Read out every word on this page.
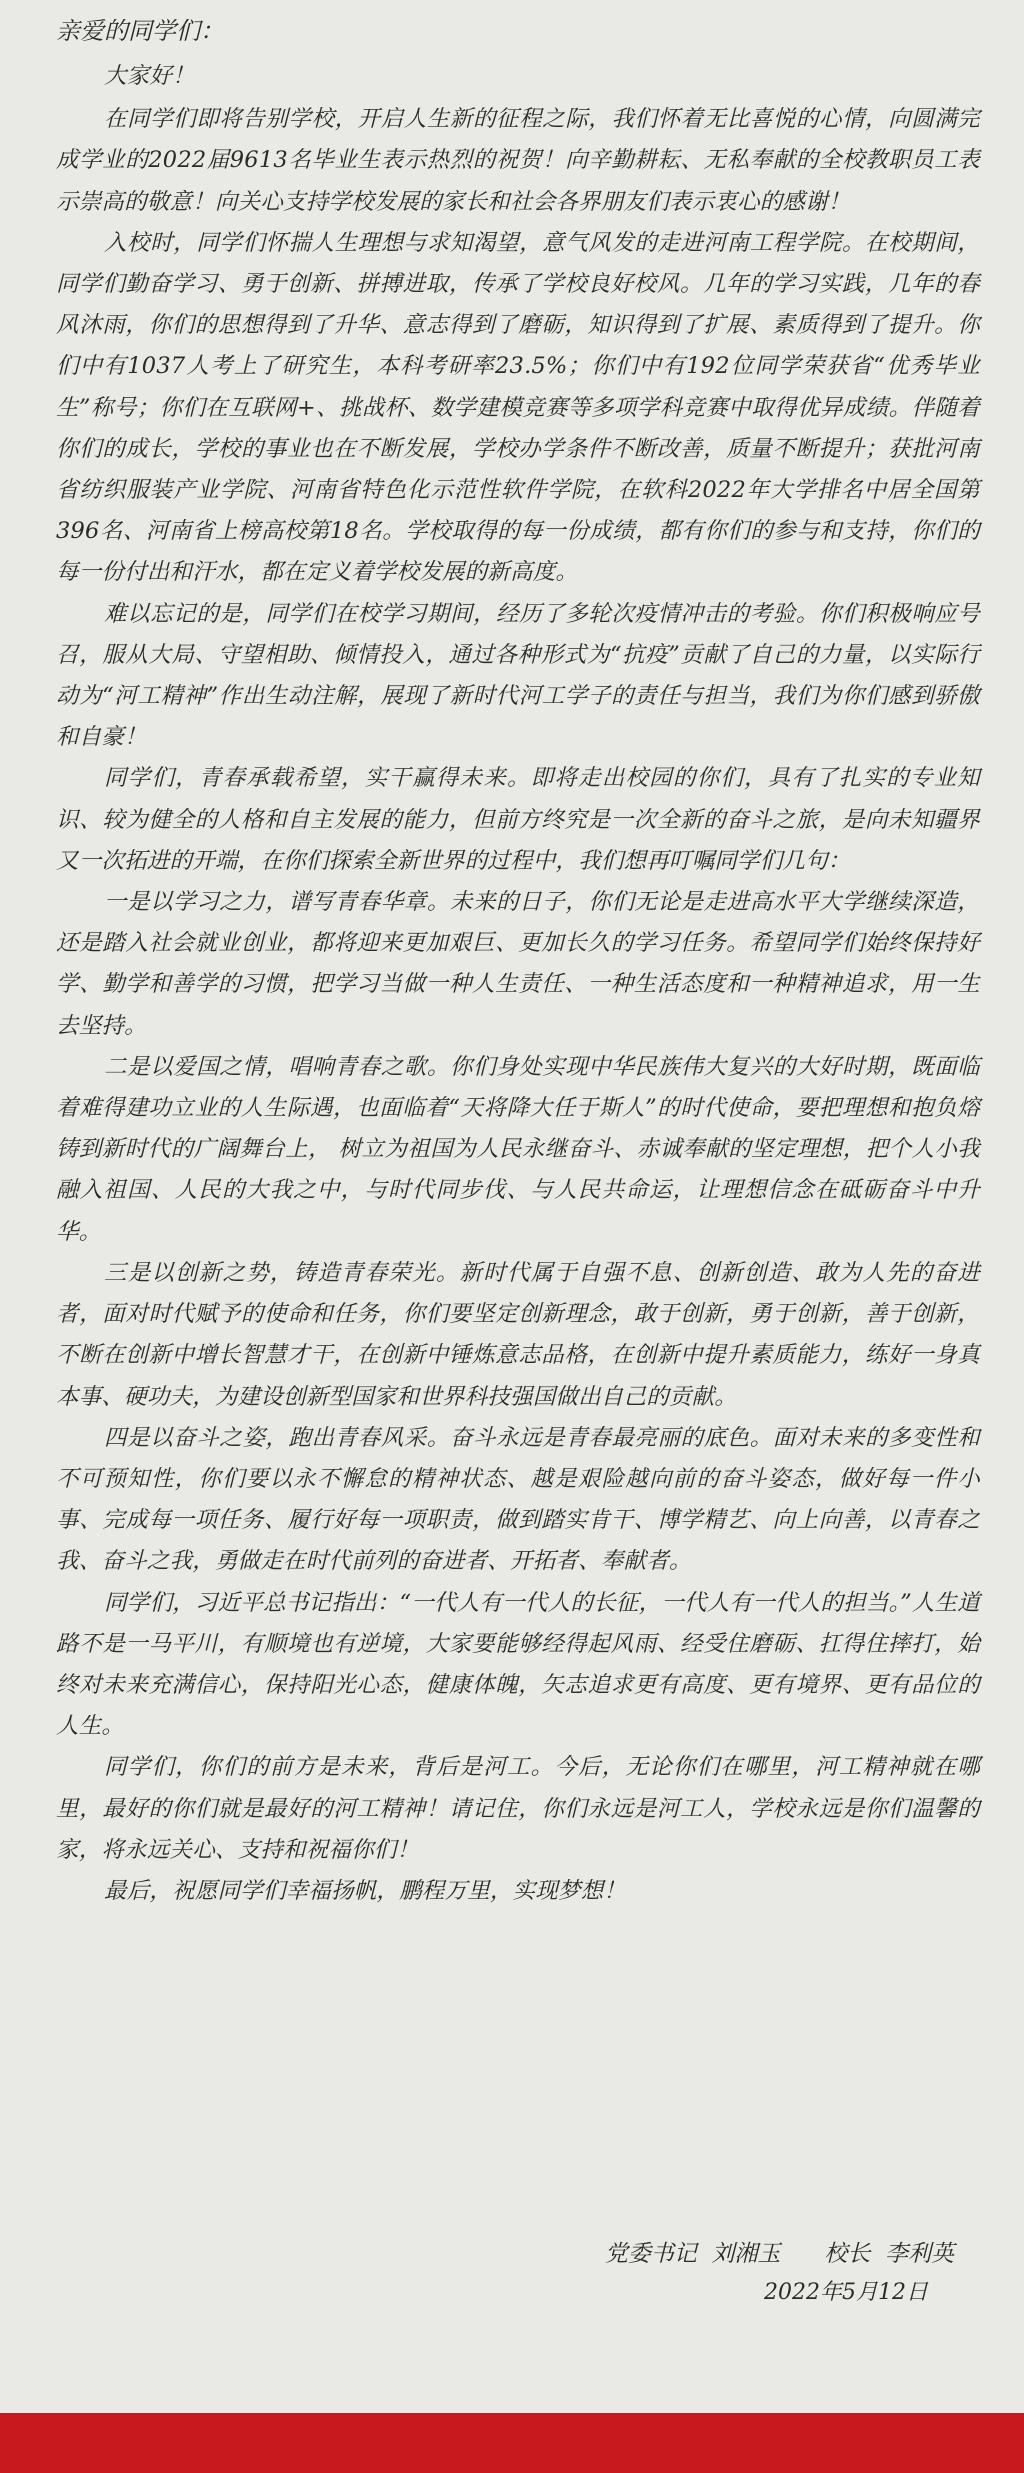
亲爱的同学们：

大家好！

在同学们即将告别学校，开启人生新的征程之际，我们怀着无比喜悦的心情，向圆满完成学业的2022届9613名毕业生表示热烈的祝贺！向辛勤耕耘、无私奉献的全校教职员工表示崇高的敬意！向关心支持学校发展的家长和社会各界朋友们表示衷心的感谢！

入校时，同学们怀揣人生理想与求知渴望，意气风发的走进河南工程学院。在校期间，同学们勤奋学习、勇于创新、拼搏进取，传承了学校良好校风。几年的学习实践，几年的春风沐雨，你们的思想得到了升华、意志得到了磨砺，知识得到了扩展、素质得到了提升。你们中有1037人考上了研究生，本科考研率23.5%；你们中有192位同学荣获省“优秀毕业生”称号；你们在互联网+、挑战杯、数学建模竞赛等多项学科竞赛中取得优异成绩。伴随着你们的成长，学校的事业也在不断发展，学校办学条件不断改善，质量不断提升；获批河南省纺织服装产业学院、河南省特色化示范性软件学院，在软科2022年大学排名中居全国第396名、河南省上榜高校第18名。学校取得的每一份成绩，都有你们的参与和支持，你们的每一份付出和汗水，都在定义着学校发展的新高度。

难以忘记的是，同学们在校学习期间，经历了多轮次疫情冲击的考验。你们积极响应号召，服从大局、守望相助、倾情投入，通过各种形式为“抗疫”贡献了自己的力量，以实际行动为“河工精神”作出生动注解，展现了新时代河工学子的责任与担当，我们为你们感到骄傲和自豪！

同学们，青春承载希望，实干赢得未来。即将走出校园的你们，具有了扎实的专业知识、较为健全的人格和自主发展的能力，但前方终究是一次全新的奋斗之旅，是向未知疆界又一次拓进的开端，在你们探索全新世界的过程中，我们想再叮嘱同学们几句：

一是以学习之力，谱写青春华章。未来的日子，你们无论是走进高水平大学继续深造，还是踏入社会就业创业，都将迎来更加艰巨、更加长久的学习任务。希望同学们始终保持好学、勤学和善学的习惯，把学习当做一种人生责任、一种生活态度和一种精神追求，用一生去坚持。

二是以爱国之情，唱响青春之歌。你们身处实现中华民族伟大复兴的大好时期，既面临着难得建功立业的人生际遇，也面临着“天将降大任于斯人”的时代使命，要把理想和抱负熔铸到新时代的广阔舞台上， 树立为祖国为人民永继奋斗、赤诚奉献的坚定理想，把个人小我融入祖国、人民的大我之中，与时代同步伐、与人民共命运，让理想信念在砥砺奋斗中升华。

三是以创新之势，铸造青春荣光。新时代属于自强不息、创新创造、敢为人先的奋进者，面对时代赋予的使命和任务，你们要坚定创新理念，敢于创新，勇于创新，善于创新，不断在创新中增长智慧才干，在创新中锤炼意志品格，在创新中提升素质能力，练好一身真本事、硬功夫，为建设创新型国家和世界科技强国做出自己的贡献。

四是以奋斗之姿，跑出青春风采。奋斗永远是青春最亮丽的底色。面对未来的多变性和不可预知性，你们要以永不懈怠的精神状态、越是艰险越向前的奋斗姿态，做好每一件小事、完成每一项任务、履行好每一项职责，做到踏实肯干、博学精艺、向上向善，以青春之我、奋斗之我，勇做走在时代前列的奋进者、开拓者、奉献者。

同学们，习近平总书记指出：“一代人有一代人的长征，一代人有一代人的担当。”人生道路不是一马平川，有顺境也有逆境，大家要能够经得起风雨、经受住磨砺、扛得住摔打，始终对未来充满信心，保持阳光心态，健康体魄，矢志追求更有高度、更有境界、更有品位的人生。

同学们，你们的前方是未来，背后是河工。今后，无论你们在哪里，河工精神就在哪里，最好的你们就是最好的河工精神！请记住，你们永远是河工人，学校永远是你们温馨的家，将永远关心、支持和祝福你们！

最后，祝愿同学们幸福扬帆，鹏程万里，实现梦想！

党委书记  刘湘玉      校长  李利英
2022年5月12日
